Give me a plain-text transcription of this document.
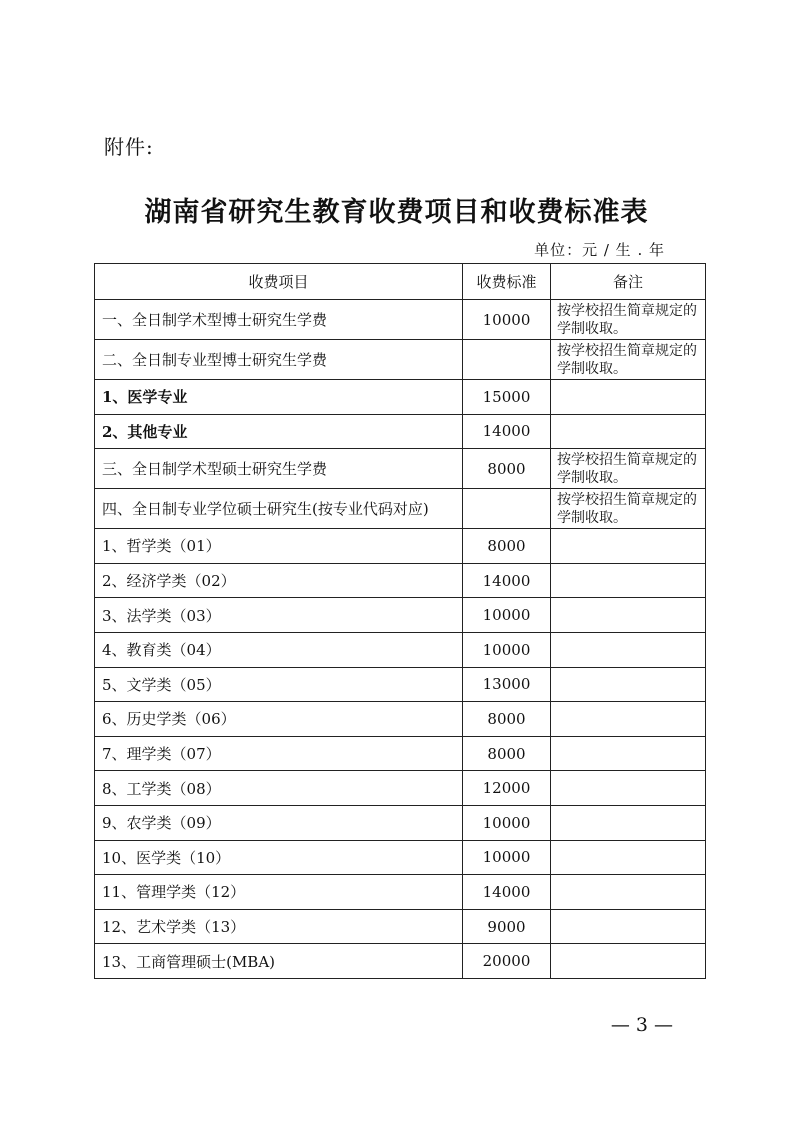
附件:
湖南省研究生教育收费项目和收费标准表
单位：元 / 生 . 年
收费项目	收费标准	备注
一、全日制学术型博士研究生学费	10000	按学校招生简章规定的学制收取。
二、全日制专业型博士研究生学费		按学校招生简章规定的学制收取。
1、医学专业	15000	
2、其他专业	14000	
三、全日制学术型硕士研究生学费	8000	按学校招生简章规定的学制收取。
四、全日制专业学位硕士研究生(按专业代码对应)		按学校招生简章规定的学制收取。
1、哲学类（01）	8000	
2、经济学类（02）	14000	
3、法学类（03）	10000	
4、教育类（04）	10000	
5、文学类（05）	13000	
6、历史学类（06）	8000	
7、理学类（07）	8000	
8、工学类（08）	12000	
9、农学类（09）	10000	
10、医学类（10）	10000	
11、管理学类（12）	14000	
12、艺术学类（13）	9000	
13、工商管理硕士(MBA)	20000	
— 3 —
